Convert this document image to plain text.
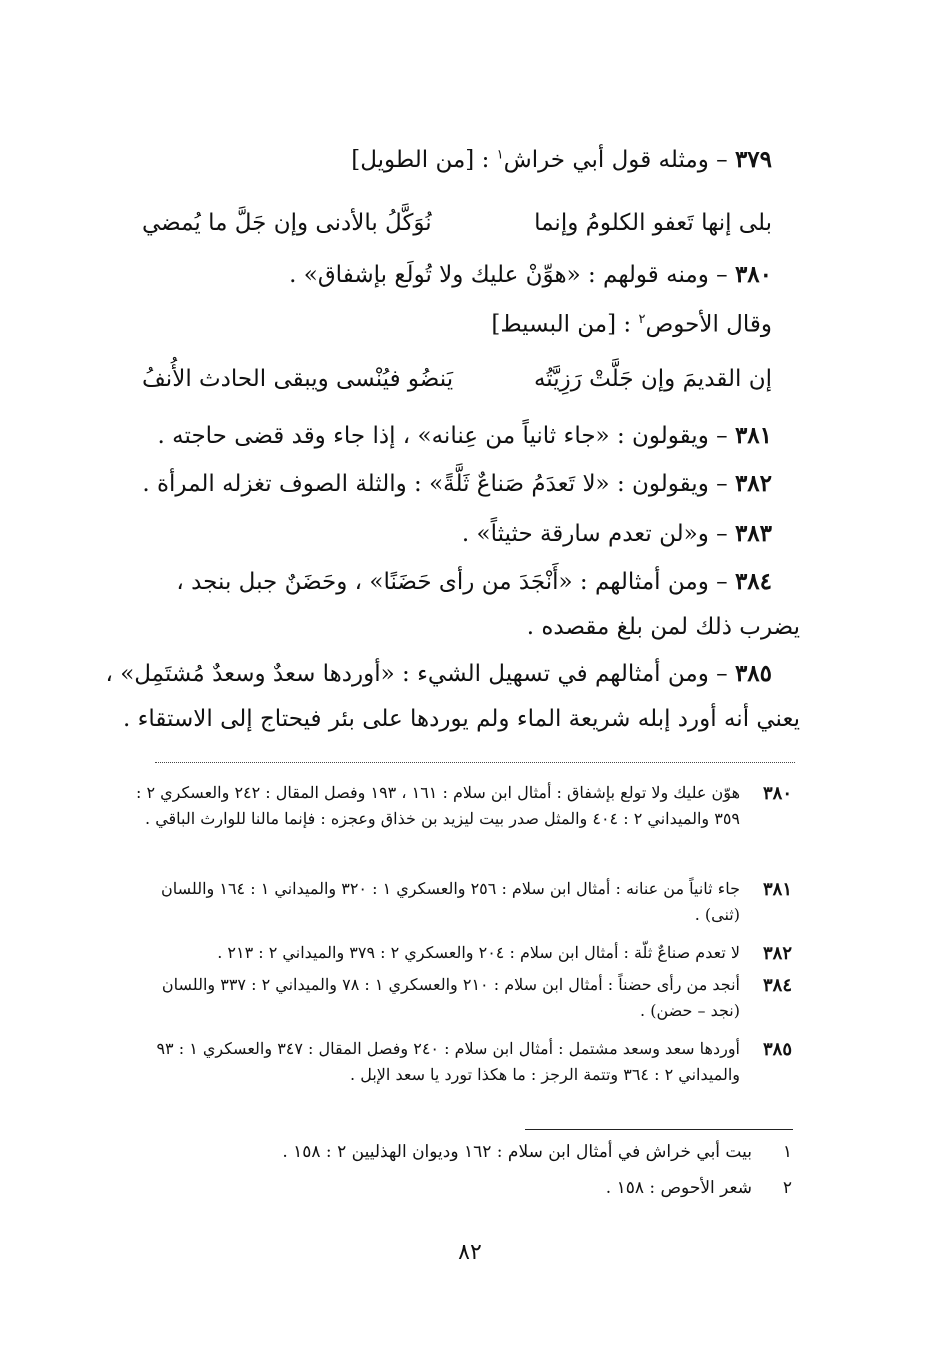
٣٧٩ – ومثله قول أبي خراش$^١$ : [من الطويل]
بلى إنها تَعفو الكلومُ وإنما
نُوَكَّلُ بالأدنى وإن جَلَّ ما يُمضي
٣٨٠ – ومنه قولهم : «هوِّنْ عليك ولا تُولَع بإشفاق» .
وقال الأحوص$^٢$ : [من البسيط]
إن القديمَ وإن جَلَّتْ رَزِيَّتُه
يَنضُو فيُنْسى ويبقى الحادث الأُنفُ
٣٨١ – ويقولون : «جاء ثانياً من عِنانه» ، إذا جاء وقد قضى حاجته .
٣٨٢ – ويقولون : «لا تَعدَمُ صَناعٌ ثَلَّةً» : والثلة الصوف تغزله المرأة .
٣٨٣ – و«لن تعدم سارقة حثيثاً» .
٣٨٤ – ومن أمثالهم : «أَنْجَدَ من رأى حَضَنًا» ، وحَضَنٌ جبل بنجد ،
يضرب ذلك لمن بلغ مقصده .
٣٨٥ – ومن أمثالهم في تسهيل الشيء : «أوردها سعدٌ وسعدٌ مُشتَمِل» ،
يعني أنه أورد إبله شريعة الماء ولم يوردها على بئر فيحتاج إلى الاستقاء .
٣٨٠
هوّن عليك ولا تولع بإشفاق : أمثال ابن سلام : ١٦١ ، ١٩٣ وفصل المقال : ٢٤٢ والعسكري ٢ : ٣٥٩ والميداني ٢ : ٤٠٤ والمثل صدر بيت ليزيد بن خذاق وعجزه : فإنما مالنا للوارث الباقي .
٣٨١
جاء ثانياً من عنانه : أمثال ابن سلام : ٢٥٦ والعسكري ١ : ٣٢٠ والميداني ١ : ١٦٤ واللسان (ثنى) .
٣٨٢
لا تعدم صناعٌ ثلّة : أمثال ابن سلام : ٢٠٤ والعسكري ٢ : ٣٧٩ والميداني ٢ : ٢١٣ .
٣٨٤
أنجد من رأى حضناً : أمثال ابن سلام : ٢١٠ والعسكري ١ : ٧٨ والميداني ٢ : ٣٣٧ واللسان (نجد – حضن) .
٣٨٥
أوردها سعد وسعد مشتمل : أمثال ابن سلام : ٢٤٠ وفصل المقال : ٣٤٧ والعسكري ١ : ٩٣ والميداني ٢ : ٣٦٤ وتتمة الرجز : ما هكذا تورد يا سعد الإبل .
١بيت أبي خراش في أمثال ابن سلام : ١٦٢ وديوان الهذليين ٢ : ١٥٨ .
٢شعر الأحوص : ١٥٨ .
٨٢
